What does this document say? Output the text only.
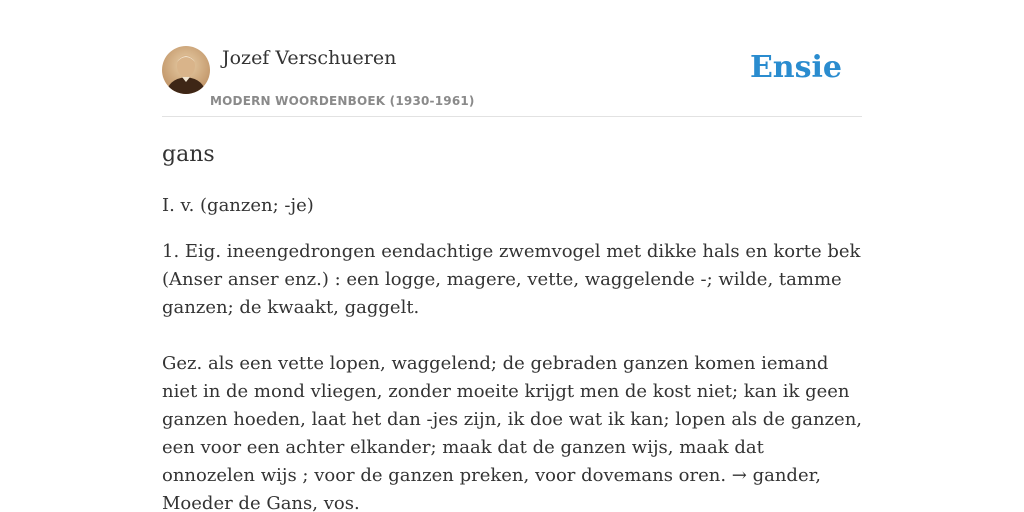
Jozef Verschueren
MODERN WOORDENBOEK (1930-1961)
Ensie
gans

I. v. (ganzen; -je)

1. Eig. ineengedrongen eendachtige zwemvogel met dikke hals en korte bek (Anser anser enz.) : een logge, magere, vette, waggelende -; wilde, tamme ganzen; de kwaakt, gaggelt.

Gez. als een vette lopen, waggelend; de gebraden ganzen komen iemand niet in de mond vliegen, zonder moeite krijgt men de kost niet; kan ik geen ganzen hoeden, laat het dan -jes zijn, ik doe wat ik kan; lopen als de ganzen, een voor een achter elkander; maak dat de ganzen wijs, maak dat onnozelen wijs ; voor de ganzen preken, voor dovemans oren. → gander, Moeder de Gans, vos.
